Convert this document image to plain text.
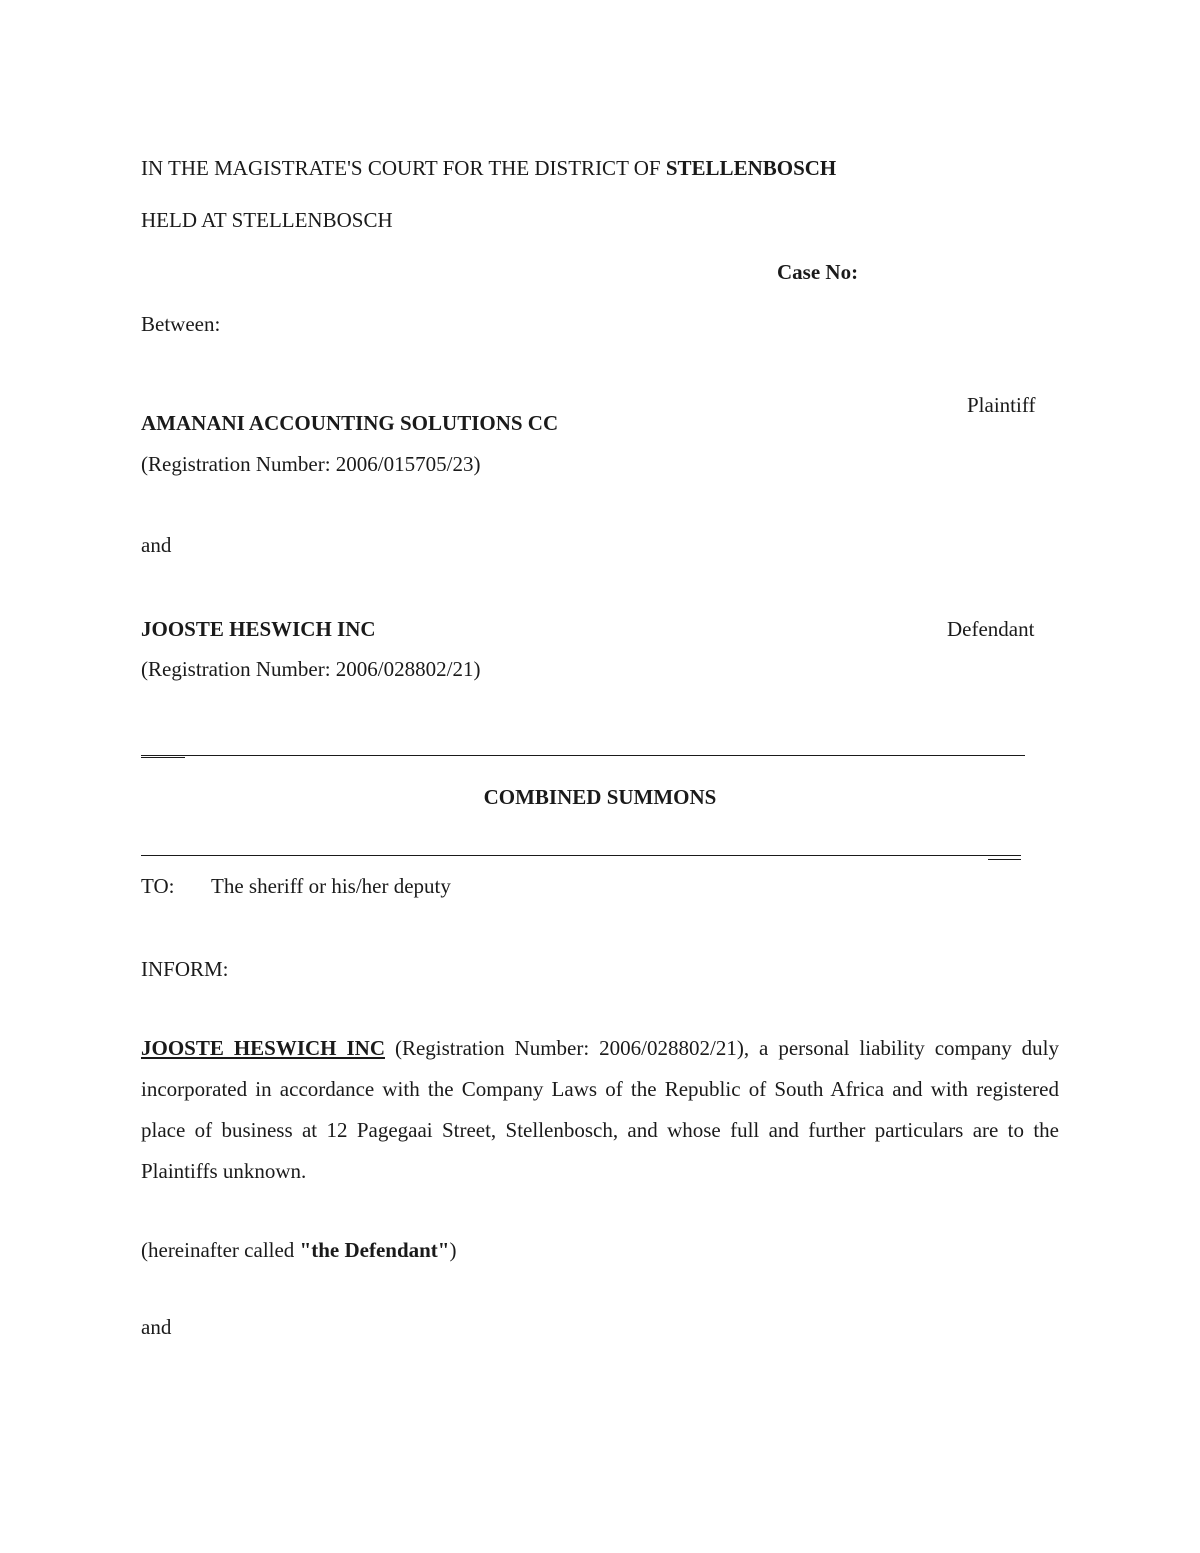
IN THE MAGISTRATE'S COURT FOR THE DISTRICT OF STELLENBOSCH
HELD AT STELLENBOSCH
Case No:
Between:
Plaintiff
AMANANI ACCOUNTING SOLUTIONS CC
(Registration Number: 2006/015705/23)
and
JOOSTE HESWICH INC	Defendant
(Registration Number: 2006/028802/21)
COMBINED SUMMONS
TO: The sheriff or his/her deputy
INFORM:
JOOSTE HESWICH INC (Registration Number: 2006/028802/21), a personal liability company duly incorporated in accordance with the Company Laws of the Republic of South Africa and with registered place of business at 12 Pagegaai Street, Stellenbosch, and whose full and further particulars are to the Plaintiffs unknown.
(hereinafter called "the Defendant")
and
